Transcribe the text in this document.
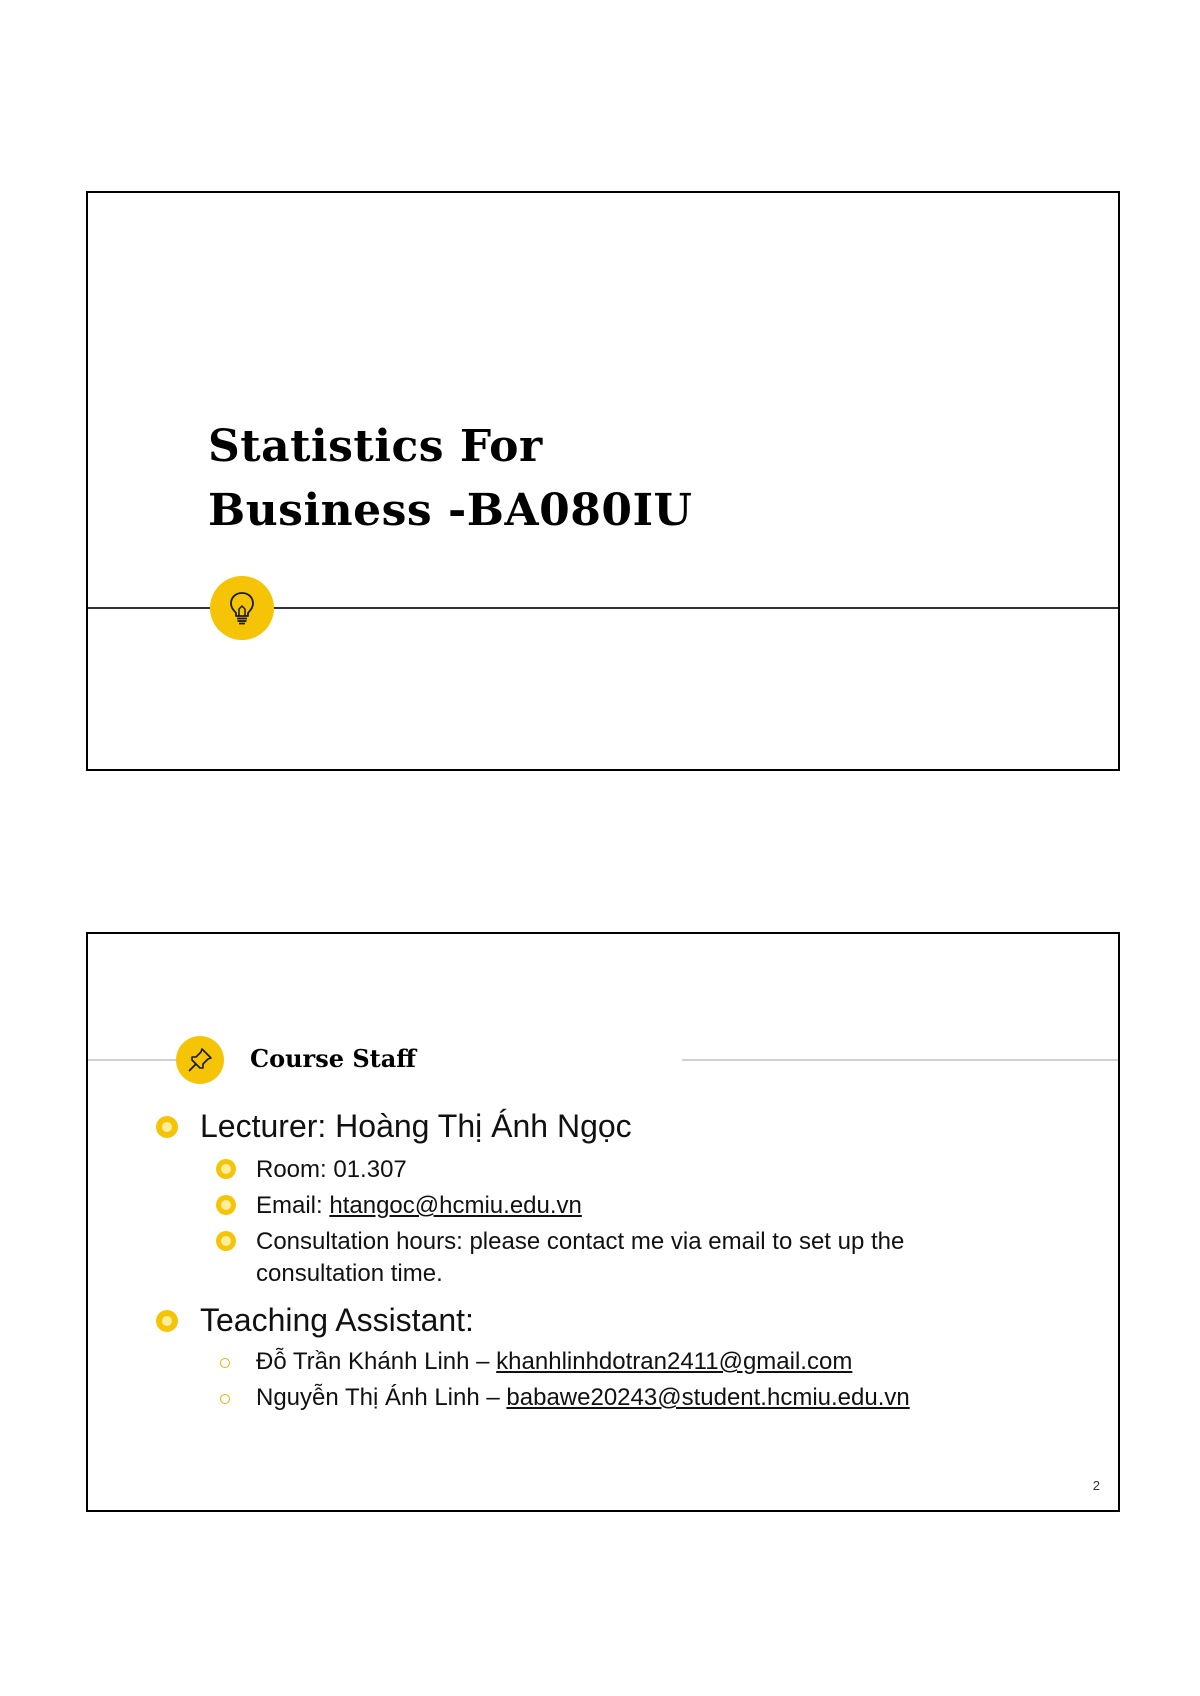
Statistics For
Business -BA080IU
Course Staff
Lecturer: Hoàng Thị Ánh Ngọc
Room: 01.307
Email: htangoc@hcmiu.edu.vn
Consultation hours: please contact me via email to set up the
consultation time.
Teaching Assistant:
Đỗ Trần Khánh Linh – khanhlinhdotran2411@gmail.com
Nguyễn Thị Ánh Linh – babawe20243@student.hcmiu.edu.vn
2
